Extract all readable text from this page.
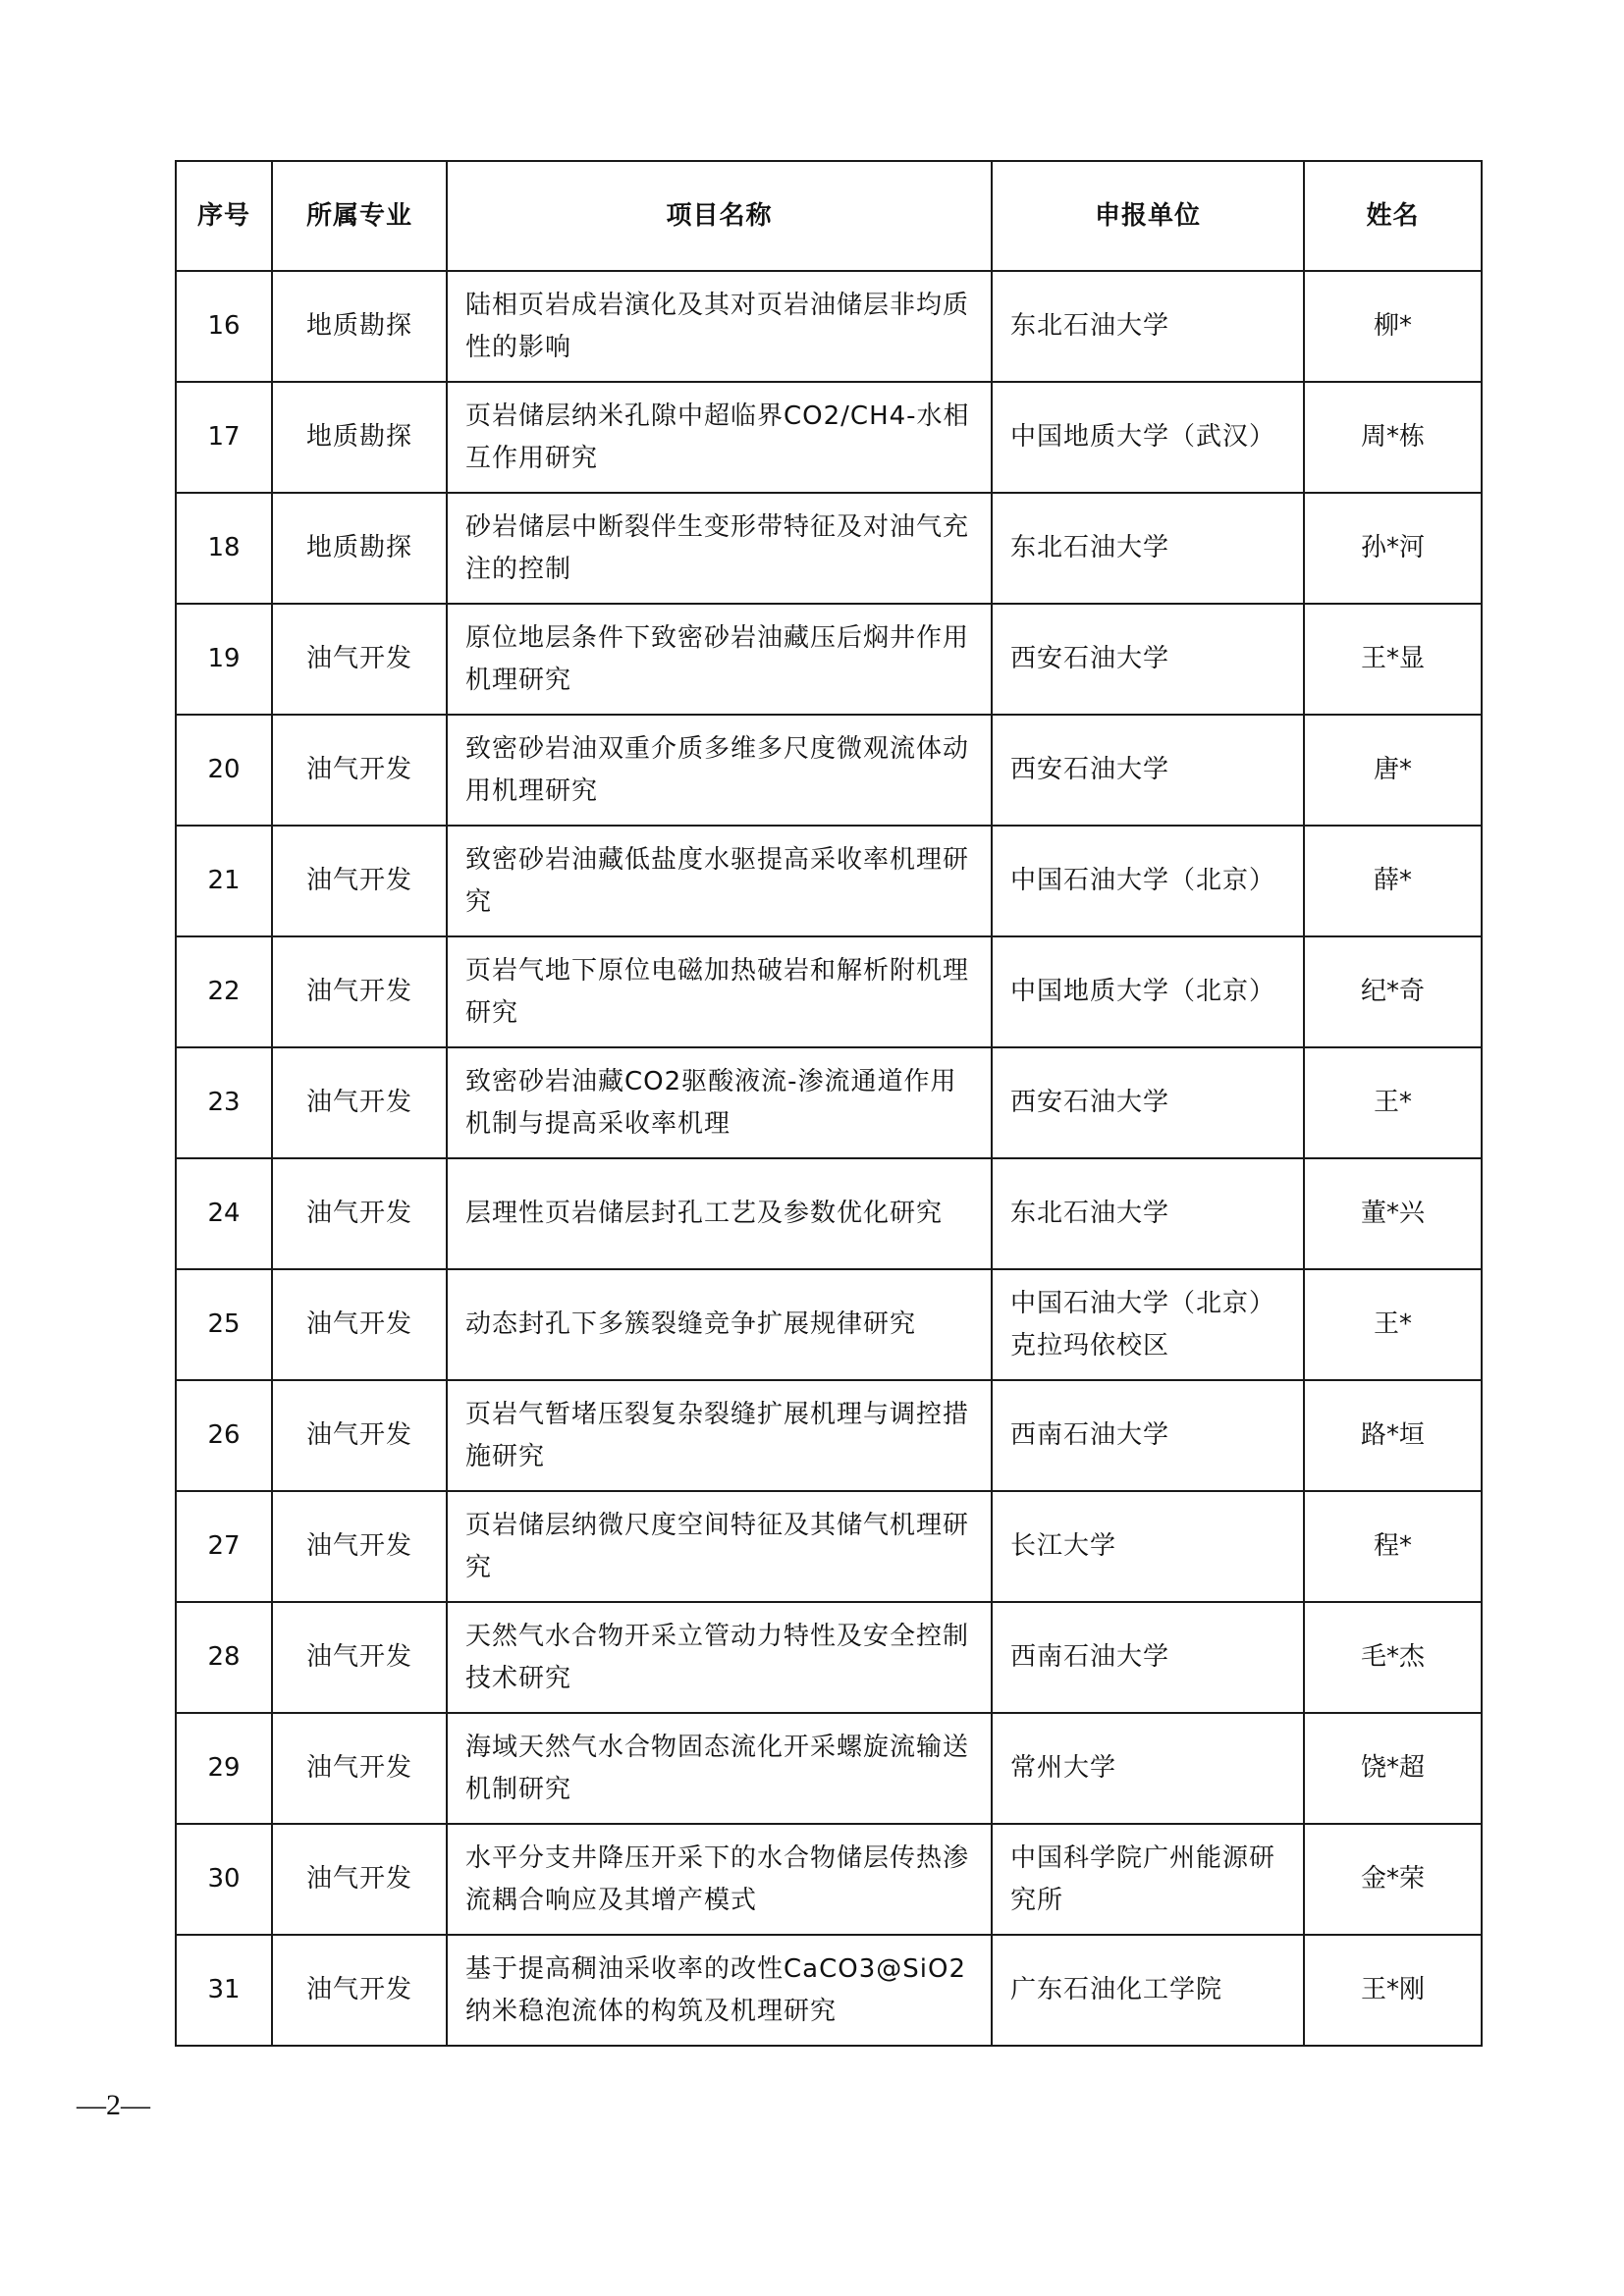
序号	所属专业	项目名称	申报单位	姓名
16	地质勘探	陆相页岩成岩演化及其对页岩油储层非均质性的影响	东北石油大学	柳*
17	地质勘探	页岩储层纳米孔隙中超临界CO2/CH4-水相互作用研究	中国地质大学（武汉）	周*栋
18	地质勘探	砂岩储层中断裂伴生变形带特征及对油气充注的控制	东北石油大学	孙*河
19	油气开发	原位地层条件下致密砂岩油藏压后焖井作用机理研究	西安石油大学	王*显
20	油气开发	致密砂岩油双重介质多维多尺度微观流体动用机理研究	西安石油大学	唐*
21	油气开发	致密砂岩油藏低盐度水驱提高采收率机理研究	中国石油大学（北京）	薛*
22	油气开发	页岩气地下原位电磁加热破岩和解析附机理研究	中国地质大学（北京）	纪*奇
23	油气开发	致密砂岩油藏CO2驱酸液流-渗流通道作用机制与提高采收率机理	西安石油大学	王*
24	油气开发	层理性页岩储层封孔工艺及参数优化研究	东北石油大学	董*兴
25	油气开发	动态封孔下多簇裂缝竞争扩展规律研究	中国石油大学（北京）克拉玛依校区	王*
26	油气开发	页岩气暂堵压裂复杂裂缝扩展机理与调控措施研究	西南石油大学	路*垣
27	油气开发	页岩储层纳微尺度空间特征及其储气机理研究	长江大学	程*
28	油气开发	天然气水合物开采立管动力特性及安全控制技术研究	西南石油大学	毛*杰
29	油气开发	海域天然气水合物固态流化开采螺旋流输送机制研究	常州大学	饶*超
30	油气开发	水平分支井降压开采下的水合物储层传热渗流耦合响应及其增产模式	中国科学院广州能源研究所	金*荣
31	油气开发	基于提高稠油采收率的改性CaCO3@SiO2纳米稳泡流体的构筑及机理研究	广东石油化工学院	王*刚
—2—
